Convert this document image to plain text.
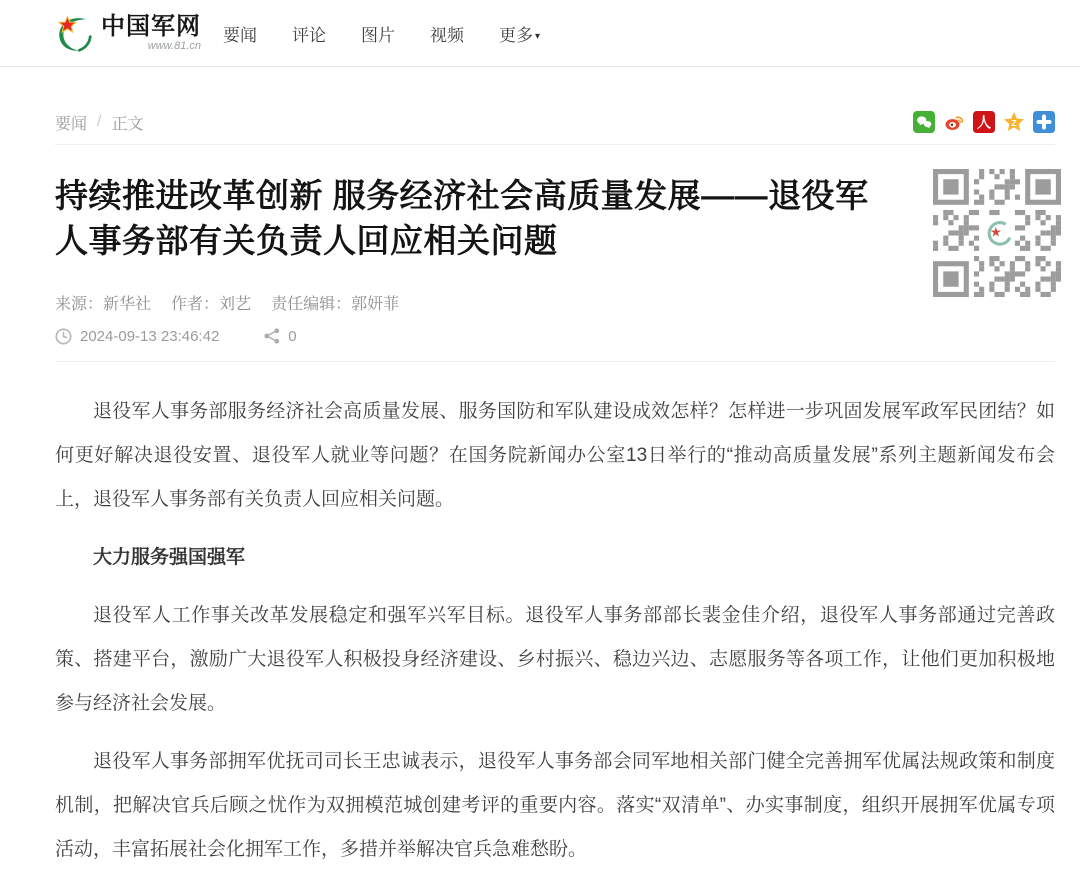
中国军网
www.81.cn
要闻 评论 图片 视频 更多 ▾
要闻 / 正文	人 Z
持续推进改革创新 服务经济社会高质量发展——退役军人事务部有关负责人回应相关问题	★
来源：新华社 作者：刘艺 责任编辑：郭妍菲
2024-09-13 23:46:42	0

退役军人事务部服务经济社会高质量发展、服务国防和军队建设成效怎样？怎样进一步巩固发展军政军民团结？如何更好解决退役安置、退役军人就业等问题？在国务院新闻办公室13日举行的“推动高质量发展”系列主题新闻发布会上，退役军人事务部有关负责人回应相关问题。

大力服务强国强军

退役军人工作事关改革发展稳定和强军兴军目标。退役军人事务部部长裴金佳介绍，退役军人事务部通过完善政策、搭建平台，激励广大退役军人积极投身经济建设、乡村振兴、稳边兴边、志愿服务等各项工作，让他们更加积极地参与经济社会发展。

退役军人事务部拥军优抚司司长王忠诚表示，退役军人事务部会同军地相关部门健全完善拥军优属法规政策和制度机制，把解决官兵后顾之忧作为双拥模范城创建考评的重要内容。落实“双清单”、办实事制度，组织开展拥军优属专项活动，丰富拓展社会化拥军工作，多措并举解决官兵急难愁盼。
